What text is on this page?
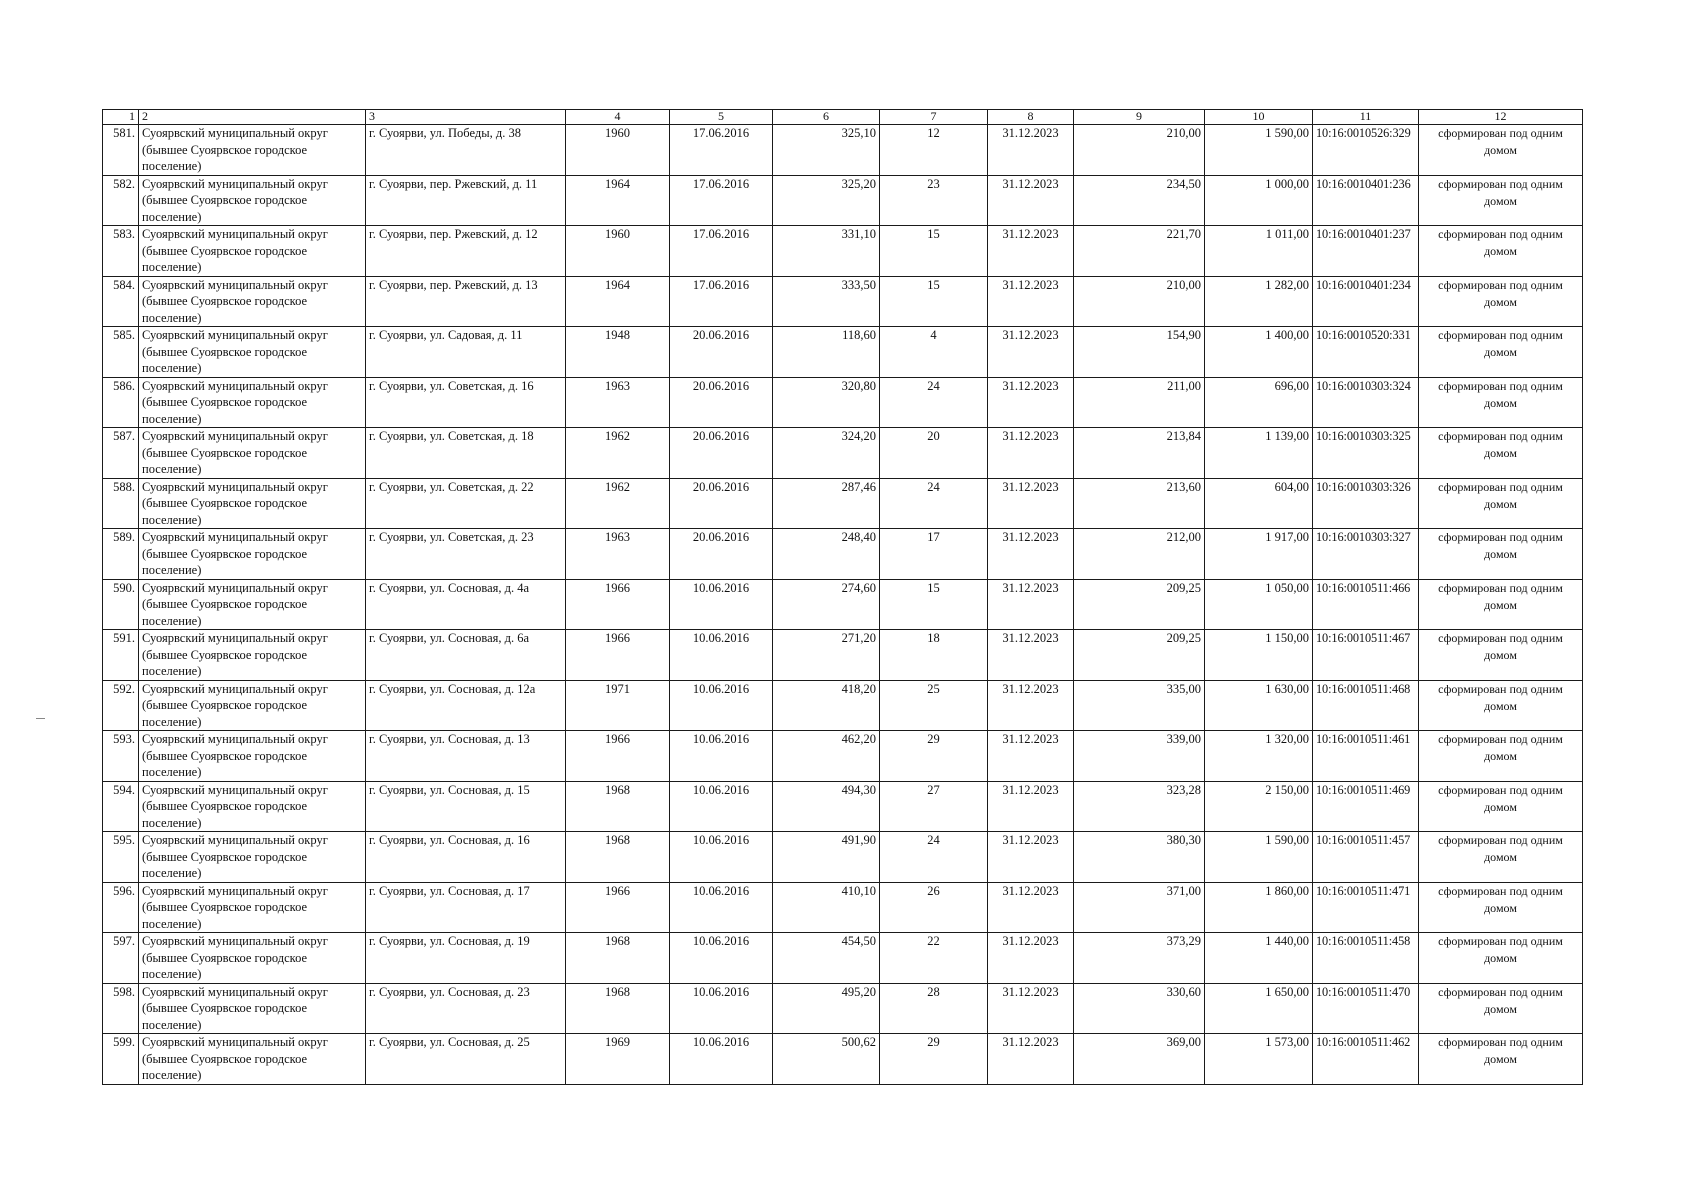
1	2	3	4	5	6	7	8	9	10	11	12
581.	Суоярвский муниципальный округ (бывшее Суоярвское городское поселение)	г. Суоярви, ул. Победы, д. 38	1960	17.06.2016	325,10	12	31.12.2023	210,00	1 590,00	10:16:0010526:329	сформирован под одним домом
582.	Суоярвский муниципальный округ (бывшее Суоярвское городское поселение)	г. Суоярви, пер. Ржевский, д. 11	1964	17.06.2016	325,20	23	31.12.2023	234,50	1 000,00	10:16:0010401:236	сформирован под одним домом
583.	Суоярвский муниципальный округ (бывшее Суоярвское городское поселение)	г. Суоярви, пер. Ржевский, д. 12	1960	17.06.2016	331,10	15	31.12.2023	221,70	1 011,00	10:16:0010401:237	сформирован под одним домом
584.	Суоярвский муниципальный округ (бывшее Суоярвское городское поселение)	г. Суоярви, пер. Ржевский, д. 13	1964	17.06.2016	333,50	15	31.12.2023	210,00	1 282,00	10:16:0010401:234	сформирован под одним домом
585.	Суоярвский муниципальный округ (бывшее Суоярвское городское поселение)	г. Суоярви, ул. Садовая, д. 11	1948	20.06.2016	118,60	4	31.12.2023	154,90	1 400,00	10:16:0010520:331	сформирован под одним домом
586.	Суоярвский муниципальный округ (бывшее Суоярвское городское поселение)	г. Суоярви, ул. Советская, д. 16	1963	20.06.2016	320,80	24	31.12.2023	211,00	696,00	10:16:0010303:324	сформирован под одним домом
587.	Суоярвский муниципальный округ (бывшее Суоярвское городское поселение)	г. Суоярви, ул. Советская, д. 18	1962	20.06.2016	324,20	20	31.12.2023	213,84	1 139,00	10:16:0010303:325	сформирован под одним домом
588.	Суоярвский муниципальный округ (бывшее Суоярвское городское поселение)	г. Суоярви, ул. Советская, д. 22	1962	20.06.2016	287,46	24	31.12.2023	213,60	604,00	10:16:0010303:326	сформирован под одним домом
589.	Суоярвский муниципальный округ (бывшее Суоярвское городское поселение)	г. Суоярви, ул. Советская, д. 23	1963	20.06.2016	248,40	17	31.12.2023	212,00	1 917,00	10:16:0010303:327	сформирован под одним домом
590.	Суоярвский муниципальный округ (бывшее Суоярвское городское поселение)	г. Суоярви, ул. Сосновая, д. 4а	1966	10.06.2016	274,60	15	31.12.2023	209,25	1 050,00	10:16:0010511:466	сформирован под одним домом
591.	Суоярвский муниципальный округ (бывшее Суоярвское городское поселение)	г. Суоярви, ул. Сосновая, д. 6а	1966	10.06.2016	271,20	18	31.12.2023	209,25	1 150,00	10:16:0010511:467	сформирован под одним домом
592.	Суоярвский муниципальный округ (бывшее Суоярвское городское поселение)	г. Суоярви, ул. Сосновая, д. 12а	1971	10.06.2016	418,20	25	31.12.2023	335,00	1 630,00	10:16:0010511:468	сформирован под одним домом
593.	Суоярвский муниципальный округ (бывшее Суоярвское городское поселение)	г. Суоярви, ул. Сосновая, д. 13	1966	10.06.2016	462,20	29	31.12.2023	339,00	1 320,00	10:16:0010511:461	сформирован под одним домом
594.	Суоярвский муниципальный округ (бывшее Суоярвское городское поселение)	г. Суоярви, ул. Сосновая, д. 15	1968	10.06.2016	494,30	27	31.12.2023	323,28	2 150,00	10:16:0010511:469	сформирован под одним домом
595.	Суоярвский муниципальный округ (бывшее Суоярвское городское поселение)	г. Суоярви, ул. Сосновая, д. 16	1968	10.06.2016	491,90	24	31.12.2023	380,30	1 590,00	10:16:0010511:457	сформирован под одним домом
596.	Суоярвский муниципальный округ (бывшее Суоярвское городское поселение)	г. Суоярви, ул. Сосновая, д. 17	1966	10.06.2016	410,10	26	31.12.2023	371,00	1 860,00	10:16:0010511:471	сформирован под одним домом
597.	Суоярвский муниципальный округ (бывшее Суоярвское городское поселение)	г. Суоярви, ул. Сосновая, д. 19	1968	10.06.2016	454,50	22	31.12.2023	373,29	1 440,00	10:16:0010511:458	сформирован под одним домом
598.	Суоярвский муниципальный округ (бывшее Суоярвское городское поселение)	г. Суоярви, ул. Сосновая, д. 23	1968	10.06.2016	495,20	28	31.12.2023	330,60	1 650,00	10:16:0010511:470	сформирован под одним домом
599.	Суоярвский муниципальный округ (бывшее Суоярвское городское поселение)	г. Суоярви, ул. Сосновая, д. 25	1969	10.06.2016	500,62	29	31.12.2023	369,00	1 573,00	10:16:0010511:462	сформирован под одним домом
